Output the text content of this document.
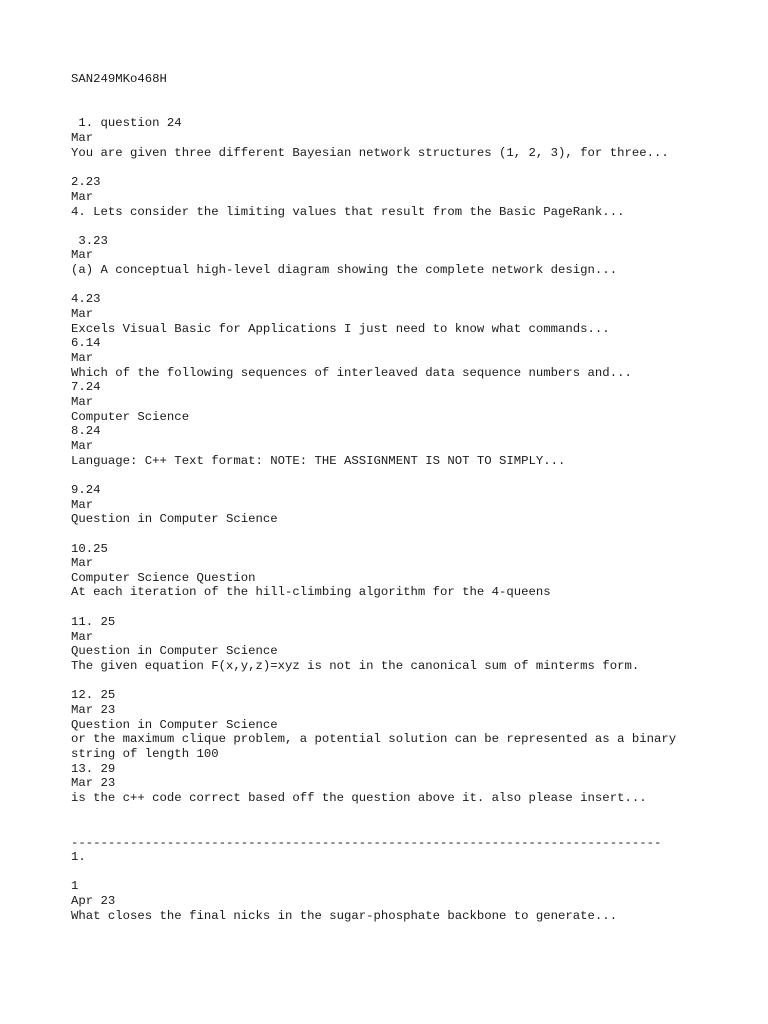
SAN249MKo468H

1. question 24

Mar

You are given three different Bayesian network structures (1, 2, 3), for three...

2.23

Mar

4. Lets consider the limiting values that result from the Basic PageRank...

3.23

Mar

(a) A conceptual high-level diagram showing the complete network design...

4.23

Mar

Excels Visual Basic for Applications I just need to know what commands...

6.14

Mar

Which of the following sequences of interleaved data sequence numbers and...

7.24

Mar

Computer Science

8.24

Mar

Language: C++ Text format: NOTE: THE ASSIGNMENT IS NOT TO SIMPLY...

9.24

Mar

Question in Computer Science

10.25

Mar

Computer Science Question

At each iteration of the hill-climbing algorithm for the 4-queens

11. 25

Mar

Question in Computer Science

The given equation F(x,y,z)=xyz is not in the canonical sum of minterms form.

12. 25

Mar 23

Question in Computer Science

or the maximum clique problem, a potential solution can be represented as a binary

string of length 100

13. 29

Mar 23

is the c++ code correct based off the question above it. also please insert...

--------------------------------------------------------------------------------

1.

1

Apr 23

What closes the final nicks in the sugar-phosphate backbone to generate...
